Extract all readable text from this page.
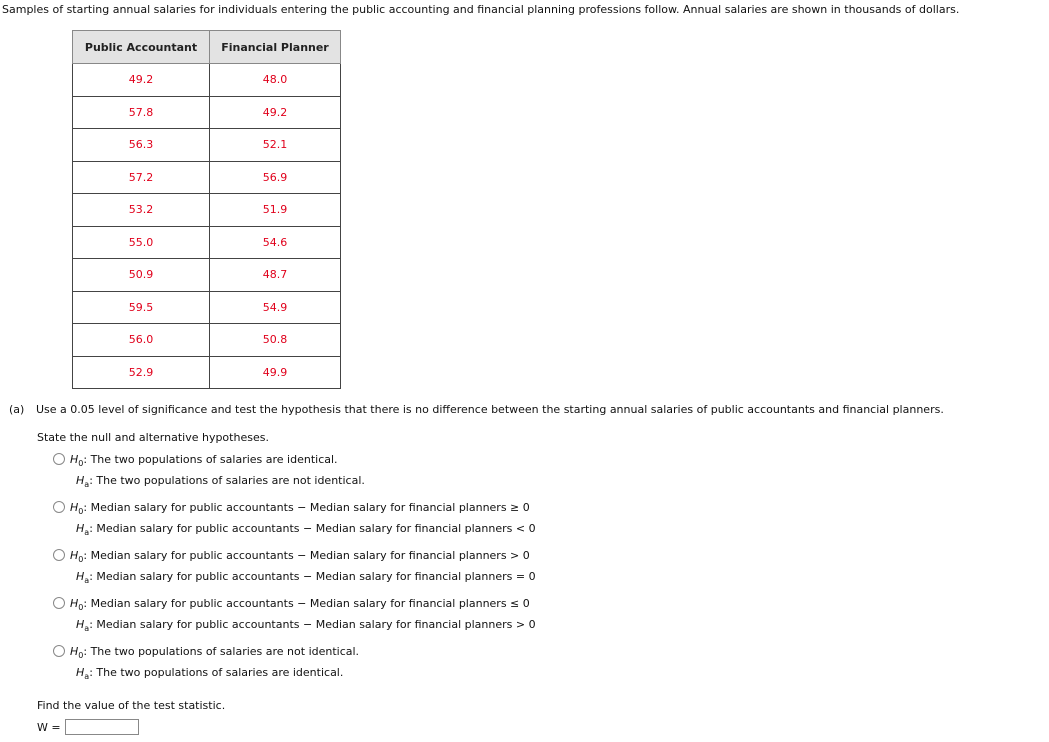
Samples of starting annual salaries for individuals entering the public accounting and financial planning professions follow. Annual salaries are shown in thousands of dollars.
Public Accountant	Financial Planner
49.2	48.0
57.8	49.2
56.3	52.1
57.2	56.9
53.2	51.9
55.0	54.6
50.9	48.7
59.5	54.9
56.0	50.8
52.9	49.9
(a) Use a 0.05 level of significance and test the hypothesis that there is no difference between the starting annual salaries of public accountants and financial planners.
State the null and alternative hypotheses.
$H_0$: The two populations of salaries are identical.
$H_a$: The two populations of salaries are not identical.
$H_0$: Median salary for public accountants − Median salary for financial planners ≥ 0
$H_a$: Median salary for public accountants − Median salary for financial planners < 0
$H_0$: Median salary for public accountants − Median salary for financial planners > 0
$H_a$: Median salary for public accountants − Median salary for financial planners = 0
$H_0$: Median salary for public accountants − Median salary for financial planners ≤ 0
$H_a$: Median salary for public accountants − Median salary for financial planners > 0
$H_0$: The two populations of salaries are not identical.
$H_a$: The two populations of salaries are identical.
Find the value of the test statistic.
W =
